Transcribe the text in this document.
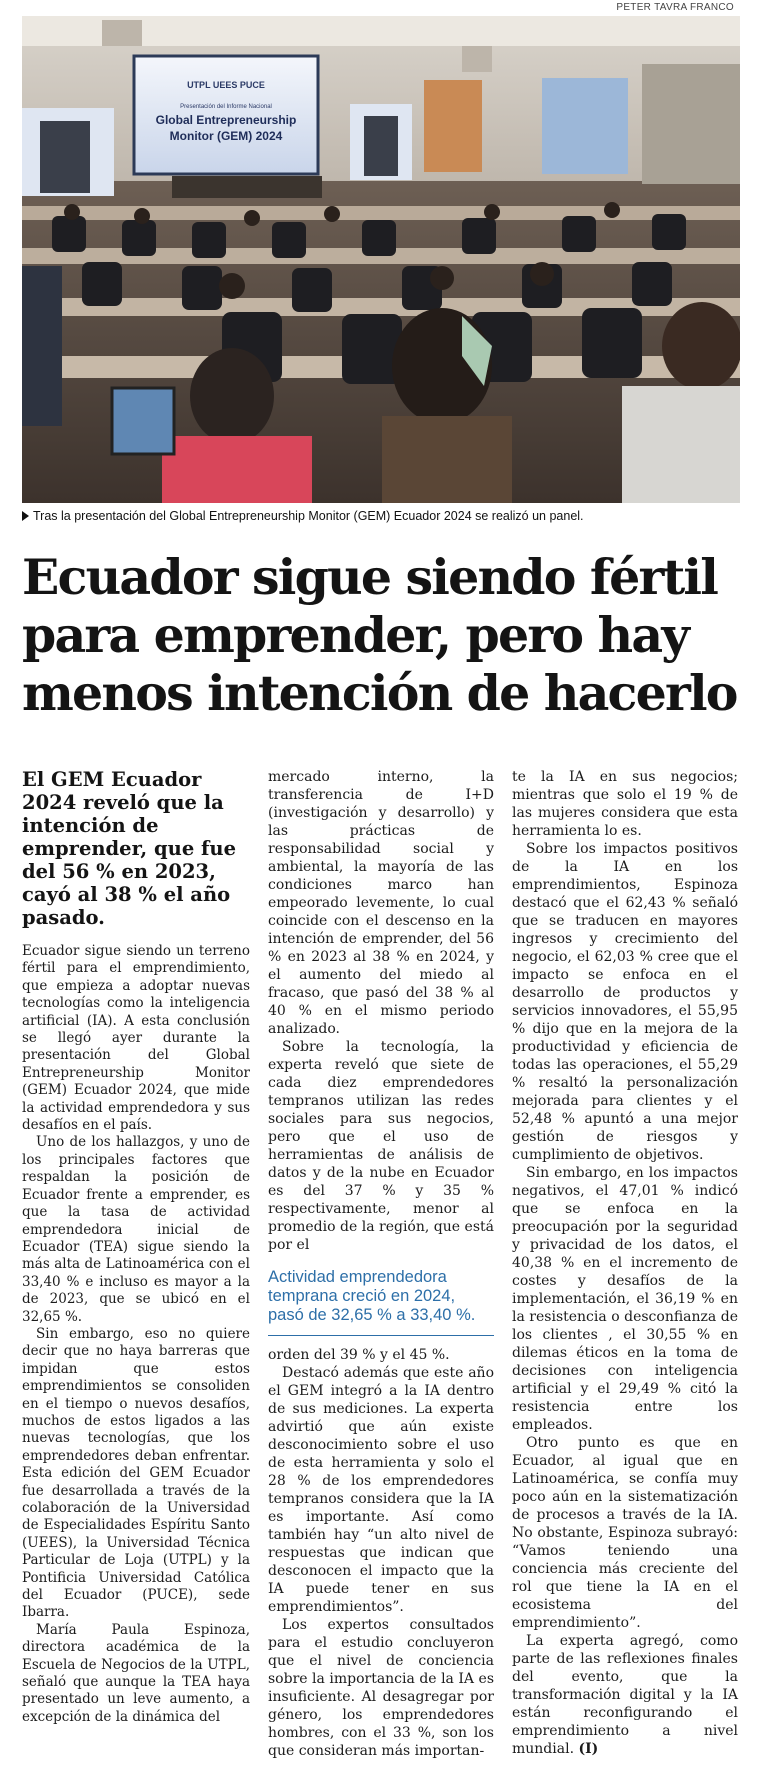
PETER TAVRA FRANCO
UTPL UEES PUCE
Presentación del Informe Nacional
Global Entrepreneurship
Monitor (GEM) 2024
Tras la presentación del Global Entrepreneurship Monitor (GEM) Ecuador 2024 se realizó un panel.
Ecuador sigue siendo fértil para emprender, pero hay menos intención de hacerlo
El GEM Ecuador 2024 reveló que la intención de emprender, que fue del 56 % en 2023, cayó al 38 % el año pasado.

Ecuador sigue siendo un terreno fértil para el emprendimiento, que empieza a adoptar nuevas tecnologías como la inteligencia artificial (IA). A esta conclusión se llegó ayer durante la presentación del Global Entrepreneurship Monitor (GEM) Ecuador 2024, que mide la actividad emprendedora y sus desafíos en el país.

Uno de los hallazgos, y uno de los principales factores que respaldan la posición de Ecuador frente a emprender, es que la tasa de actividad emprendedora inicial de Ecuador (TEA) sigue siendo la más alta de Latinoamérica con el 33,40 % e incluso es mayor a la de 2023, que se ubicó en el 32,65 %.

Sin embargo, eso no quiere decir que no haya barreras que impidan que estos emprendimientos se consoliden en el tiempo o nuevos desafíos, muchos de estos ligados a las nuevas tecnologías, que los emprendedores deban enfrentar. Esta edición del GEM Ecuador fue desarrollada a través de la colaboración de la Universidad de Especialidades Espíritu Santo (UEES), la Universidad Técnica Particular de Loja (UTPL) y la Pontificia Universidad Católica del Ecuador (PUCE), sede Ibarra.

María Paula Espinoza, directora académica de la Escuela de Negocios de la UTPL, señaló que aunque la TEA haya presentado un leve aumento, a excepción de la dinámica del

mercado interno, la transferencia de I+D (investigación y desarrollo) y las prácticas de responsabilidad social y ambiental, la mayoría de las condiciones marco han empeorado levemente, lo cual coincide con el descenso en la intención de emprender, del 56 % en 2023 al 38 % en 2024, y el aumento del miedo al fracaso, que pasó del 38 % al 40 % en el mismo periodo analizado.

Sobre la tecnología, la experta reveló que siete de cada diez emprendedores tempranos utilizan las redes sociales para sus negocios, pero que el uso de herramientas de análisis de datos y de la nube en Ecuador es del 37 % y 35 % respectivamente, menor al promedio de la región, que está por el

Actividad emprendedora temprana creció en 2024, pasó de 32,65 % a 33,40 %.

orden del 39 % y el 45 %.

Destacó además que este año el GEM integró a la IA dentro de sus mediciones. La experta advirtió que aún existe desconocimiento sobre el uso de esta herramienta y solo el 28 % de los emprendedores tempranos considera que la IA es importante. Así como también hay “un alto nivel de respuestas que indican que desconocen el impacto que la IA puede tener en sus emprendimientos”.

Los expertos consultados para el estudio concluyeron que el nivel de conciencia sobre la importancia de la IA es insuficiente. Al desagregar por género, los emprendedores hombres, con el 33 %, son los que consideran más importan-

te la IA en sus negocios; mientras que solo el 19 % de las mujeres considera que esta herramienta lo es.

Sobre los impactos positivos de la IA en los emprendimientos, Espinoza destacó que el 62,43 % señaló que se traducen en mayores ingresos y crecimiento del negocio, el 62,03 % cree que el impacto se enfoca en el desarrollo de productos y servicios innovadores, el 55,95 % dijo que en la mejora de la productividad y eficiencia de todas las operaciones, el 55,29 % resaltó la personalización mejorada para clientes y el 52,48 % apuntó a una mejor gestión de riesgos y cumplimiento de objetivos.

Sin embargo, en los impactos negativos, el 47,01 % indicó que se enfoca en la preocupación por la seguridad y privacidad de los datos, el 40,38 % en el incremento de costes y desafíos de la implementación, el 36,19 % en la resistencia o desconfianza de los clientes , el 30,55 % en dilemas éticos en la toma de decisiones con inteligencia artificial y el 29,49 % citó la resistencia entre los empleados.

Otro punto es que en Ecuador, al igual que en Latinoamérica, se confía muy poco aún en la sistematización de procesos a través de la IA. No obstante, Espinoza subrayó: “Vamos teniendo una conciencia más creciente del rol que tiene la IA en el ecosistema del emprendimiento”.

La experta agregó, como parte de las reflexiones finales del evento, que la transformación digital y la IA están reconfigurando el emprendimiento a nivel mundial. (I)
